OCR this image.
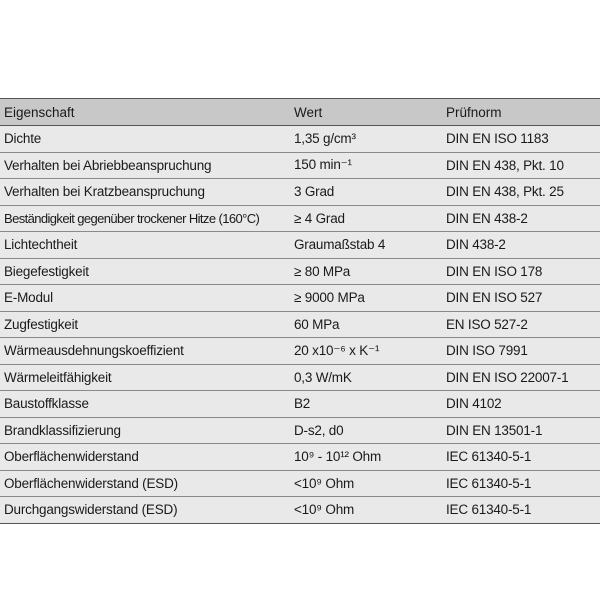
Eigenschaft	Wert	Prüfnorm
Dichte	1,35 g/cm³	DIN EN ISO 1183
Verhalten bei Abriebbeanspruchung	150 min⁻¹	DIN EN 438, Pkt. 10
Verhalten bei Kratzbeanspruchung	3 Grad	DIN EN 438, Pkt. 25
Beständigkeit gegenüber trockener Hitze (160°C)	≥ 4 Grad	DIN EN 438-2
Lichtechtheit	Graumaßstab 4	DIN 438-2
Biegefestigkeit	≥ 80 MPa	DIN EN ISO 178
E-Modul	≥ 9000 MPa	DIN EN ISO 527
Zugfestigkeit	60 MPa	EN ISO 527-2
Wärmeausdehnungskoeffizient	20 x10⁻⁶ x K⁻¹	DIN ISO 7991
Wärmeleitfähigkeit	0,3 W/mK	DIN EN ISO 22007-1
Baustoffklasse	B2	DIN 4102
Brandklassifizierung	D-s2, d0	DIN EN 13501-1
Oberflächenwiderstand	10⁹ - 10¹² Ohm	IEC 61340-5-1
Oberflächenwiderstand (ESD)	<10⁹ Ohm	IEC 61340-5-1
Durchgangswiderstand (ESD)	<10⁹ Ohm	IEC 61340-5-1
